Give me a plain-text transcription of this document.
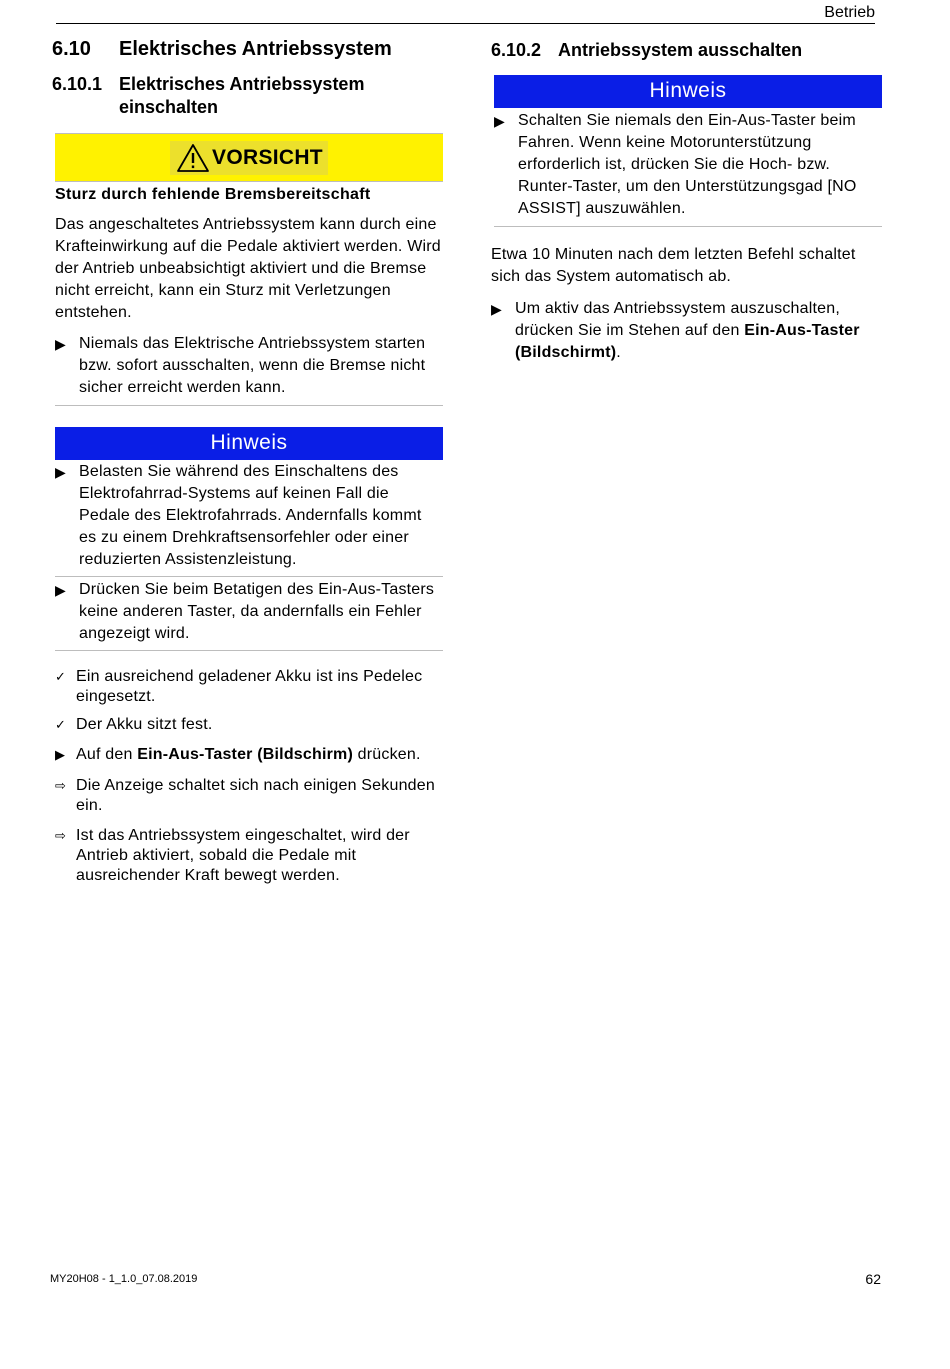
Betrieb
6.10	Elektrisches Antriebssystem
6.10.1 Elektrisches Antriebssystem einschalten
VORSICHT
Sturz durch fehlende Bremsbereitschaft
Das angeschaltetes Antriebssystem kann durch eine Krafteinwirkung auf die Pedale aktiviert werden. Wird der Antrieb unbeabsichtigt aktiviert und die Bremse nicht erreicht, kann ein Sturz mit Verletzungen entstehen.
▶ Niemals das Elektrische Antriebssystem starten bzw. sofort ausschalten, wenn die Bremse nicht sicher erreicht werden kann.
Hinweis
▶ Belasten Sie während des Einschaltens des Elektrofahrrad-Systems auf keinen Fall die Pedale des Elektrofahrrads. Andernfalls kommt es zu einem Drehkraftsensorfehler oder einer reduzierten Assistenzleistung.
▶ Drücken Sie beim Betatigen des Ein-Aus-Tasters keine anderen Taster, da andernfalls ein Fehler angezeigt wird.
✓ Ein ausreichend geladener Akku ist ins Pedelec eingesetzt.
✓ Der Akku sitzt fest.
▶ Auf den Ein-Aus-Taster (Bildschirm) drücken.
⇨ Die Anzeige schaltet sich nach einigen Sekunden ein.
⇨ Ist das Antriebssystem eingeschaltet, wird der Antrieb aktiviert, sobald die Pedale mit ausreichender Kraft bewegt werden.
6.10.2 Antriebssystem ausschalten
Hinweis
▶ Schalten Sie niemals den Ein-Aus-Taster beim Fahren. Wenn keine Motorunterstützung erforderlich ist, drücken Sie die Hoch- bzw. Runter-Taster, um den Unterstützungsgad [NO ASSIST] auszuwählen.
Etwa 10 Minuten nach dem letzten Befehl schaltet sich das System automatisch ab.
▶ Um aktiv das Antriebssystem auszuschalten, drücken Sie im Stehen auf den Ein-Aus-Taster (Bildschirmt).
MY20H08 - 1_1.0_07.08.2019	62
